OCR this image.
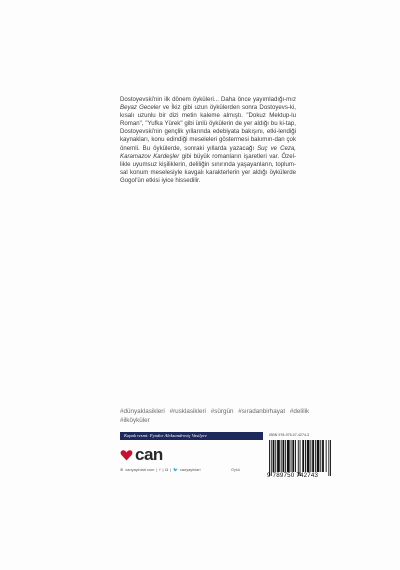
Dostoyevski'nin ilk dönem öyküleri... Daha önce yayımladığı-mız Beyaz Geceler ve İkiz gibi uzun öykülerden sonra Dostoyevs-ki, kısalı uzunlu bir dizi metin kaleme almıştı. "Dokuz Mektup-lu Roman", "Yufka Yürek" gibi ünlü öykülerin de yer aldığı bu ki-tap, Dostoyevski'nin gençlik yıllarında edebiyata bakışını, etki-lendiği kaynakları, konu edindiği meseleleri göstermesi bakımın-dan çok önemli. Bu öykülerde, sonraki yıllarda yazacağı Suç ve Ceza, Karamazov Kardeşler gibi büyük romanların işaretleri var. Özel-likle uyumsuz kişiliklerin, deliliğin sınırında yaşayanların, toplum-sal konum meselesiyle kavgalı karakterlerin yer aldığı öykülerde Gogol'ün etkisi iyice hissedilir.

#dünyaklasikleri #rusklasikleri #sürgün #sıradanbirhayat #delilik #ilköyküler
Kapak resmi: Fyodor Aleksandroviç Vasilyev	ISBN 978-975-07-4274-3
9 789750 742743
can
⊛ canyayinlari.com | f | ◘ | 🐦 canyayinlari	Öykü
